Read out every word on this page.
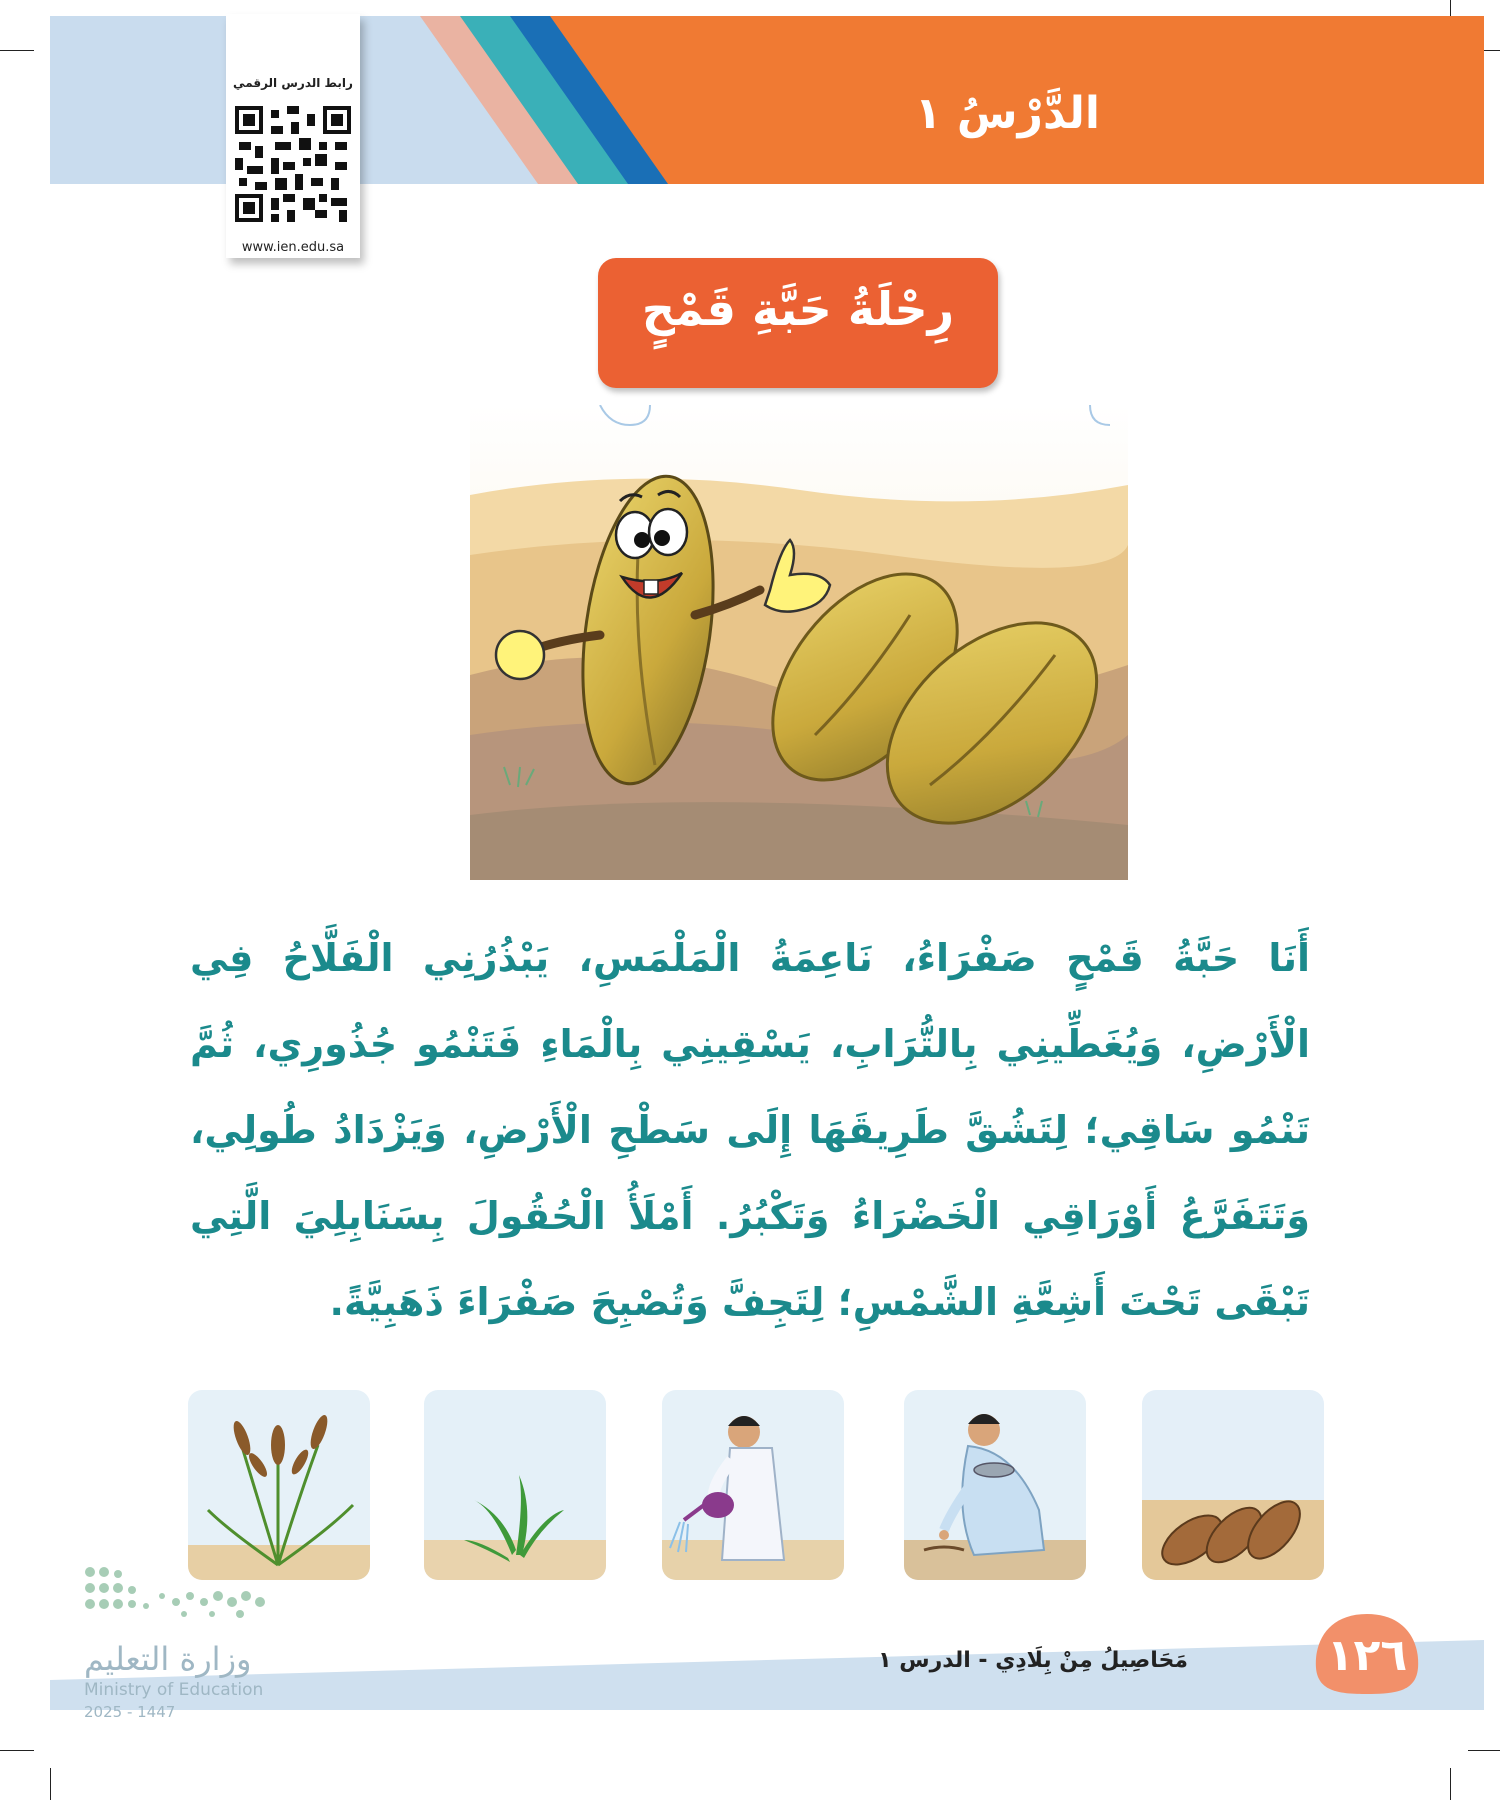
الدَّرْسُ ١
رابط الدرس الرقمي
www.ien.edu.sa
رِحْلَةُ حَبَّةِ قَمْحٍ
أَنَا حَبَّةُ قَمْحٍ صَفْرَاءُ، نَاعِمَةُ الْمَلْمَسِ، يَبْذُرُنِي الْفَلَّاحُ فِي الْأَرْضِ، وَيُغَطِّينِي بِالتُّرَابِ، يَسْقِينِي بِالْمَاءِ فَتَنْمُو جُذُورِي، ثُمَّ تَنْمُو سَاقِي؛ لِتَشُقَّ طَرِيقَهَا إِلَى سَطْحِ الْأَرْضِ، وَيَزْدَادُ طُولِي، وَتَتَفَرَّعُ أَوْرَاقِي الْخَضْرَاءُ وَتَكْبُرُ. أَمْلَأُ الْحُقُولَ بِسَنَابِلِيَ الَّتِي تَبْقَى تَحْتَ أَشِعَّةِ الشَّمْسِ؛ لِتَجِفَّ وَتُصْبِحَ صَفْرَاءَ ذَهَبِيَّةً.
وزارة التعليم
Ministry of Education
2025 - 1447
مَحَاصِيلُ مِنْ بِلَادِي - الدرس ١	١٢٦
